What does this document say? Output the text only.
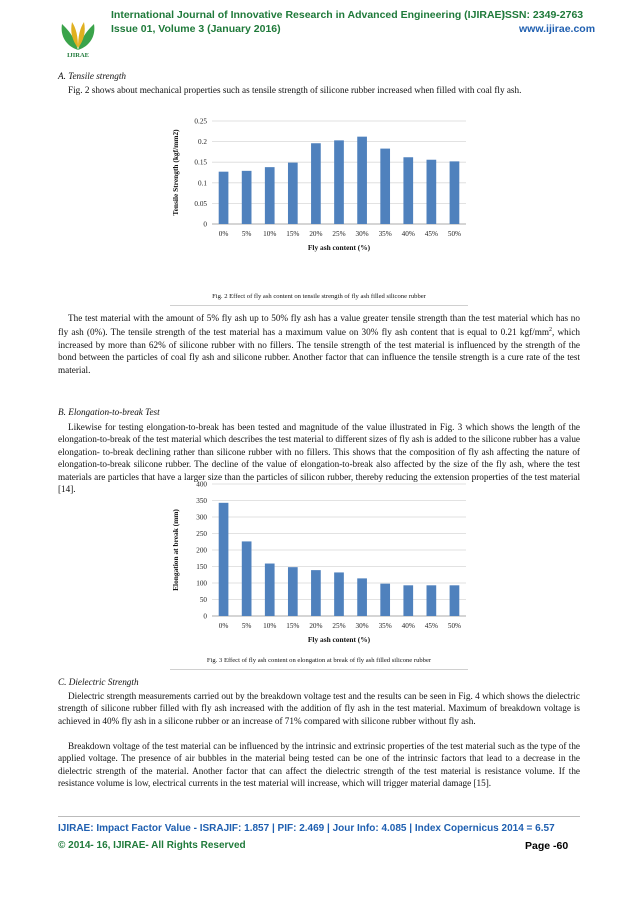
IJIRAE
International Journal of Innovative Research in Advanced Engineering (IJIRAE)
ISSN: 2349-2763
Issue 01, Volume 3 (January 2016)	www.ijirae.com
A. Tensile strength
Fig. 2 shows about mechanical properties such as tensile strength of silicone rubber increased when filled with coal fly ash.
0
0.05
0.1
0.15
0.2
0.25
0% 5% 10% 15% 20% 25% 30% 35% 40% 45% 50%
Fly ash content (%)
Tensile Strength (kgf/mm2)
Fig. 2 Effect of fly ash content on tensile strength of fly ash filled silicone rubber
The test material with the amount of 5% fly ash up to 50% fly ash has a value greater tensile strength than the test material which has no fly ash (0%). The tensile strength of the test material has a maximum value on 30% fly ash content that is equal to 0.21 kgf/$mm^2$, which increased by more than 62% of silicone rubber with no fillers. The tensile strength of the test material is influenced by the strength of the bond between the particles of coal fly ash and silicone rubber. Another factor that can influence the tensile strength is a cure rate of the test material.
B. Elongation-to-break Test
Likewise for testing elongation-to-break has been tested and magnitude of the value illustrated in Fig. 3 which shows the length of the elongation-to-break of the test material which describes the test material to different sizes of fly ash is added to the silicone rubber has a value elongation- to-break declining rather than silicone rubber with no fillers. This shows that the composition of fly ash affecting the nature of elongation-to-break silicone rubber. The decline of the value of elongation-to-break also affected by the size of the fly ash, where the test materials are particles that have a larger size than the particles of silicon rubber, thereby reducing the extension properties of the test material [14].
0
50
100
150
200
250
300
350
400
0% 5% 10% 15% 20% 25% 30% 35% 40% 45% 50%
Fly ash content (%)
Elongation at break (mm)
Fig. 3 Effect of fly ash content on elongation at break of fly ash filled silicone rubber
C. Dielectric Strength
Dielectric strength measurements carried out by the breakdown voltage test and the results can be seen in Fig. 4 which shows the dielectric strength of silicone rubber filled with fly ash increased with the addition of fly ash in the test material. Maximum of breakdown voltage is achieved in 40% fly ash in a silicone rubber or an increase of 71% compared with silicone rubber without fly ash.
Breakdown voltage of the test material can be influenced by the intrinsic and extrinsic properties of the test material such as the type of the applied voltage. The presence of air bubbles in the material being tested can be one of the intrinsic factors that lead to a decrease in the dielectric strength of the material. Another factor that can affect the dielectric strength of the test material is resistance volume. If the resistance volume is low, electrical currents in the test material will increase, which will trigger material damage [15].
IJIRAE: Impact Factor Value - ISRAJIF: 1.857 | PIF: 2.469 | Jour Info: 4.085 | Index Copernicus 2014 = 6.57
© 2014- 16, IJIRAE- All Rights Reserved	Page -60
